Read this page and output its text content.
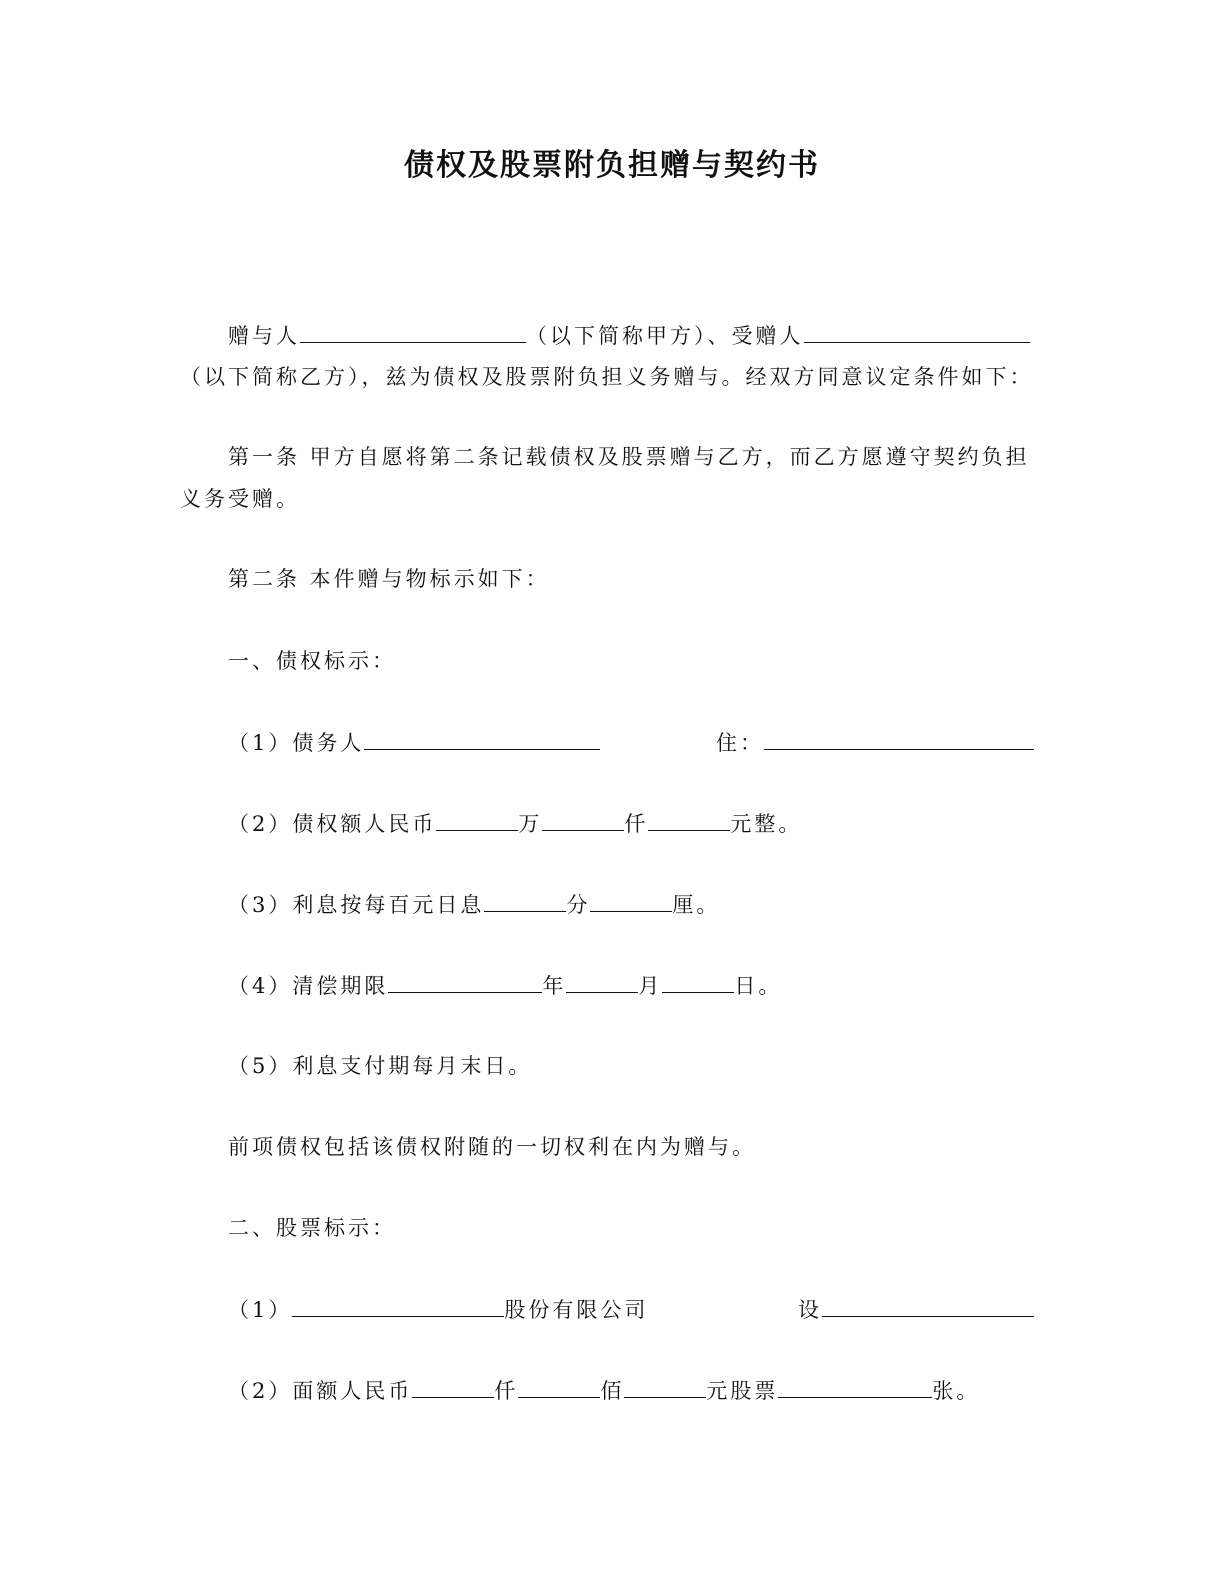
债权及股票附负担赠与契约书
赠与人	（以下简称甲方）、受赠人
（以下简称乙方），兹为债权及股票附负担义务赠与。经双方同意议定条件如下：
第一条 甲方自愿将第二条记载债权及股票赠与乙方，而乙方愿遵守契约负担
义务受赠。
第二条 本件赠与物标示如下：
一、债权标示：
（1）债务人	住：
（2）债权额人民币	万	仟	元整。
（3）利息按每百元日息	分	厘。
（4）清偿期限	年	月	日。
（5）利息支付期每月末日。
前项债权包括该债权附随的一切权利在内为赠与。
二、股票标示：
（1）	股份有限公司	设
（2）面额人民币	仟	佰	元股票	张。
